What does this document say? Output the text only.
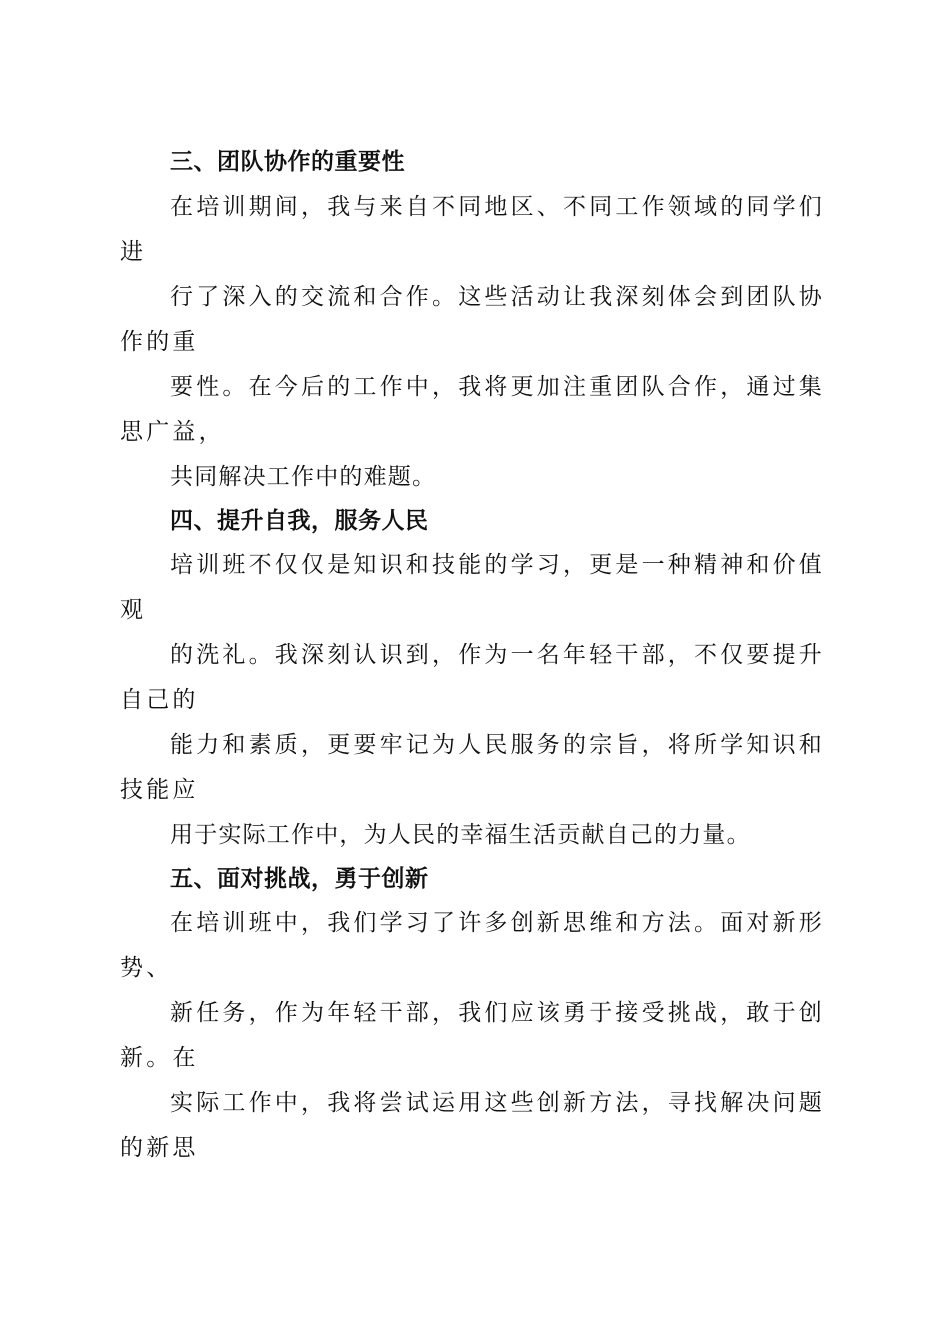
三、团队协作的重要性
在培训期间，我与来自不同地区、不同工作领域的同学们
进
行了深入的交流和合作。这些活动让我深刻体会到团队协
作的重
要性。在今后的工作中，我将更加注重团队合作，通过集
思广益，
共同解决工作中的难题。
四、提升自我，服务人民
培训班不仅仅是知识和技能的学习，更是一种精神和价值
观
的洗礼。我深刻认识到，作为一名年轻干部，不仅要提升
自己的
能力和素质，更要牢记为人民服务的宗旨，将所学知识和
技能应
用于实际工作中，为人民的幸福生活贡献自己的力量。
五、面对挑战，勇于创新
在培训班中，我们学习了许多创新思维和方法。面对新形
势、
新任务，作为年轻干部，我们应该勇于接受挑战，敢于创
新。在
实际工作中，我将尝试运用这些创新方法，寻找解决问题
的新思
